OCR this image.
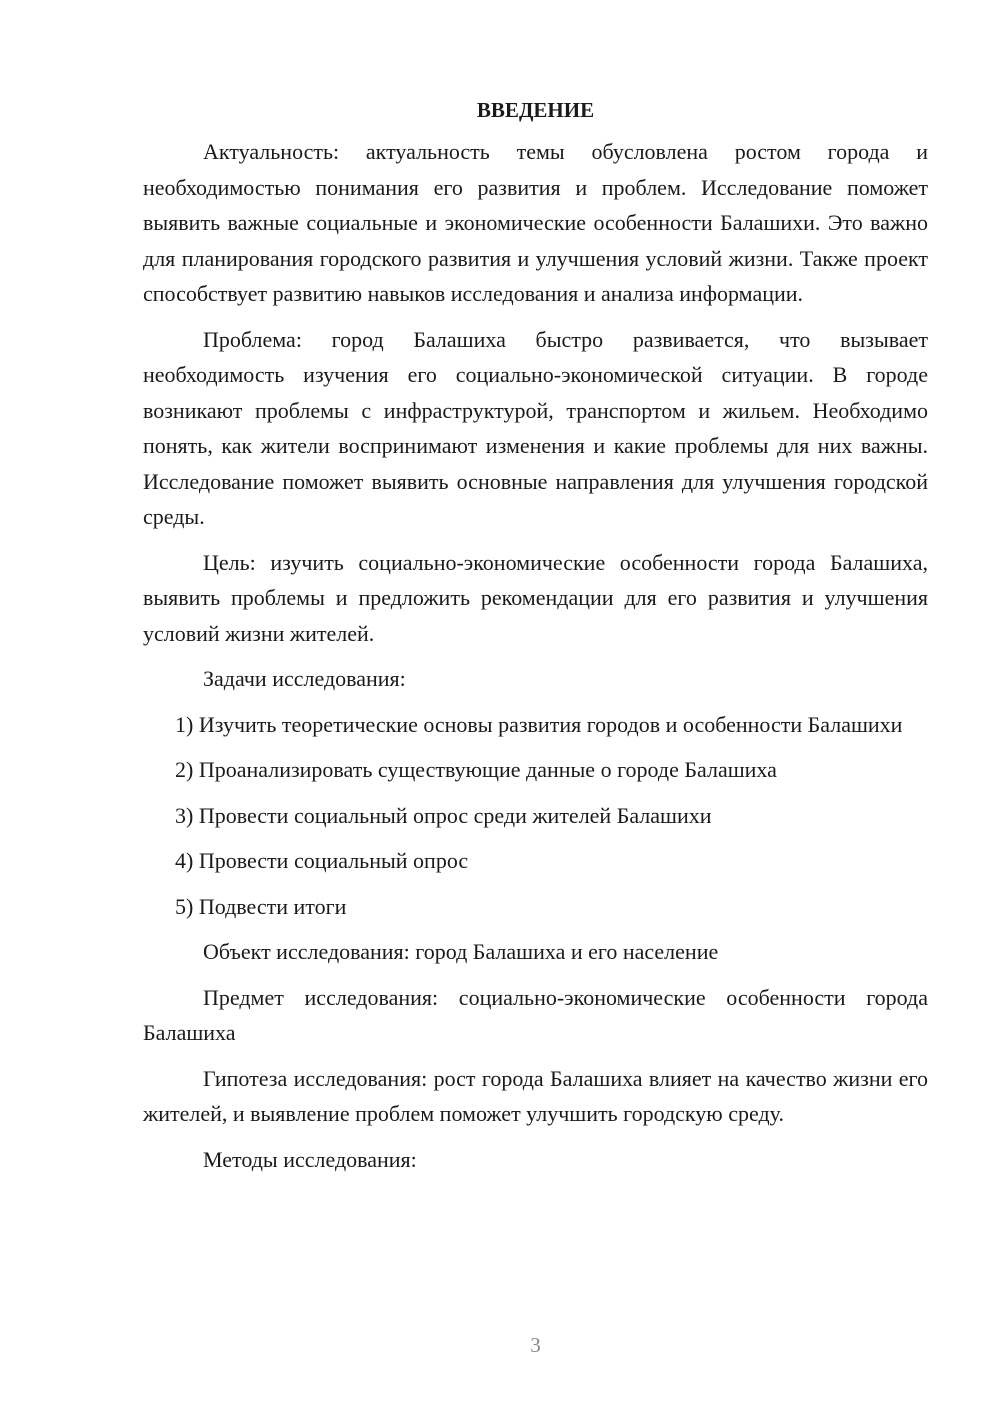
ВВЕДЕНИЕ

Актуальность: актуальность темы обусловлена ростом города и необходимостью понимания его развития и проблем. Исследование поможет выявить важные социальные и экономические особенности Балашихи. Это важно для планирования городского развития и улучшения условий жизни. Также проект способствует развитию навыков исследования и анализа информации.

Проблема: город Балашиха быстро развивается, что вызывает необходимость изучения его социально-экономической ситуации. В городе возникают проблемы с инфраструктурой, транспортом и жильем. Необходимо понять, как жители воспринимают изменения и какие проблемы для них важны. Исследование поможет выявить основные направления для улучшения городской среды.

Цель: изучить социально-экономические особенности города Балашиха, выявить проблемы и предложить рекомендации для его развития и улучшения условий жизни жителей.

Задачи исследования:

1) Изучить теоретические основы развития городов и особенности Балашихи

2) Проанализировать существующие данные о городе Балашиха

3) Провести социальный опрос среди жителей Балашихи

4) Провести социальный опрос

5) Подвести итоги

Объект исследования: город Балашиха и его население

Предмет исследования: социально-экономические особенности города Балашиха

Гипотеза исследования: рост города Балашиха влияет на качество жизни его жителей, и выявление проблем поможет улучшить городскую среду.

Методы исследования:

3
